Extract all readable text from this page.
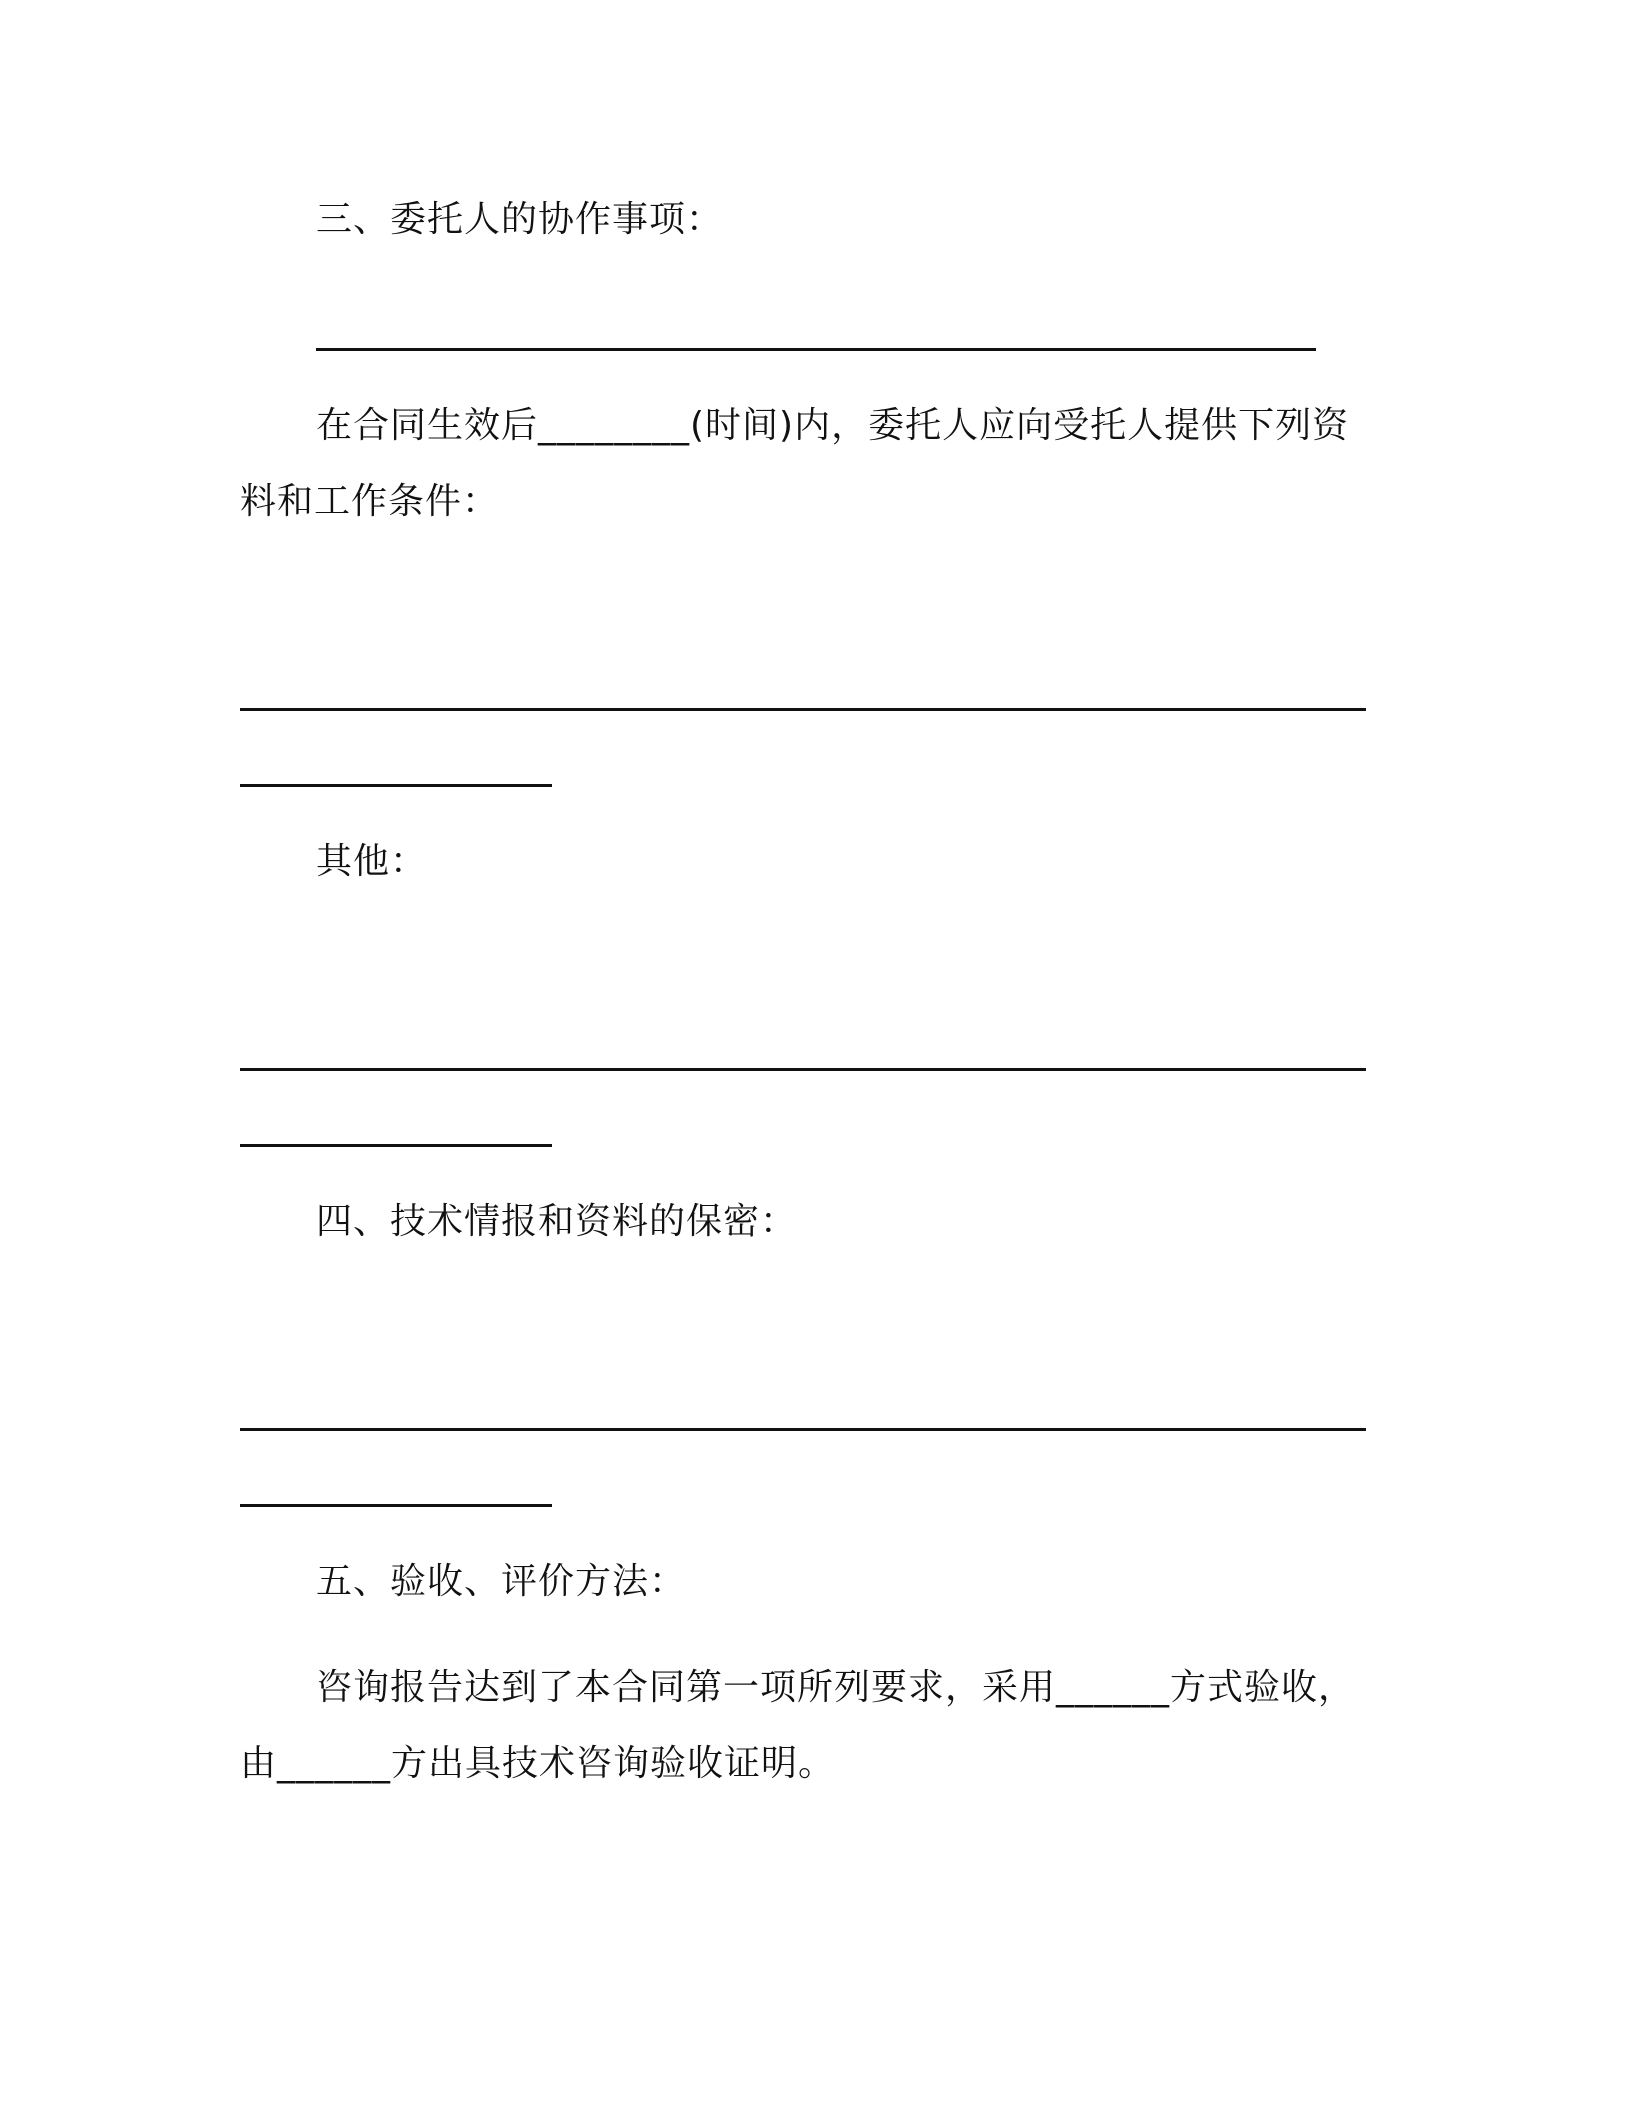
三、委托人的协作事项：
在合同生效后________(时间)内，委托人应向受托人提供下列资
料和工作条件：
其他：
四、技术情报和资料的保密：
五、验收、评价方法：
咨询报告达到了本合同第一项所列要求，采用______方式验收，
由______方出具技术咨询验收证明。
